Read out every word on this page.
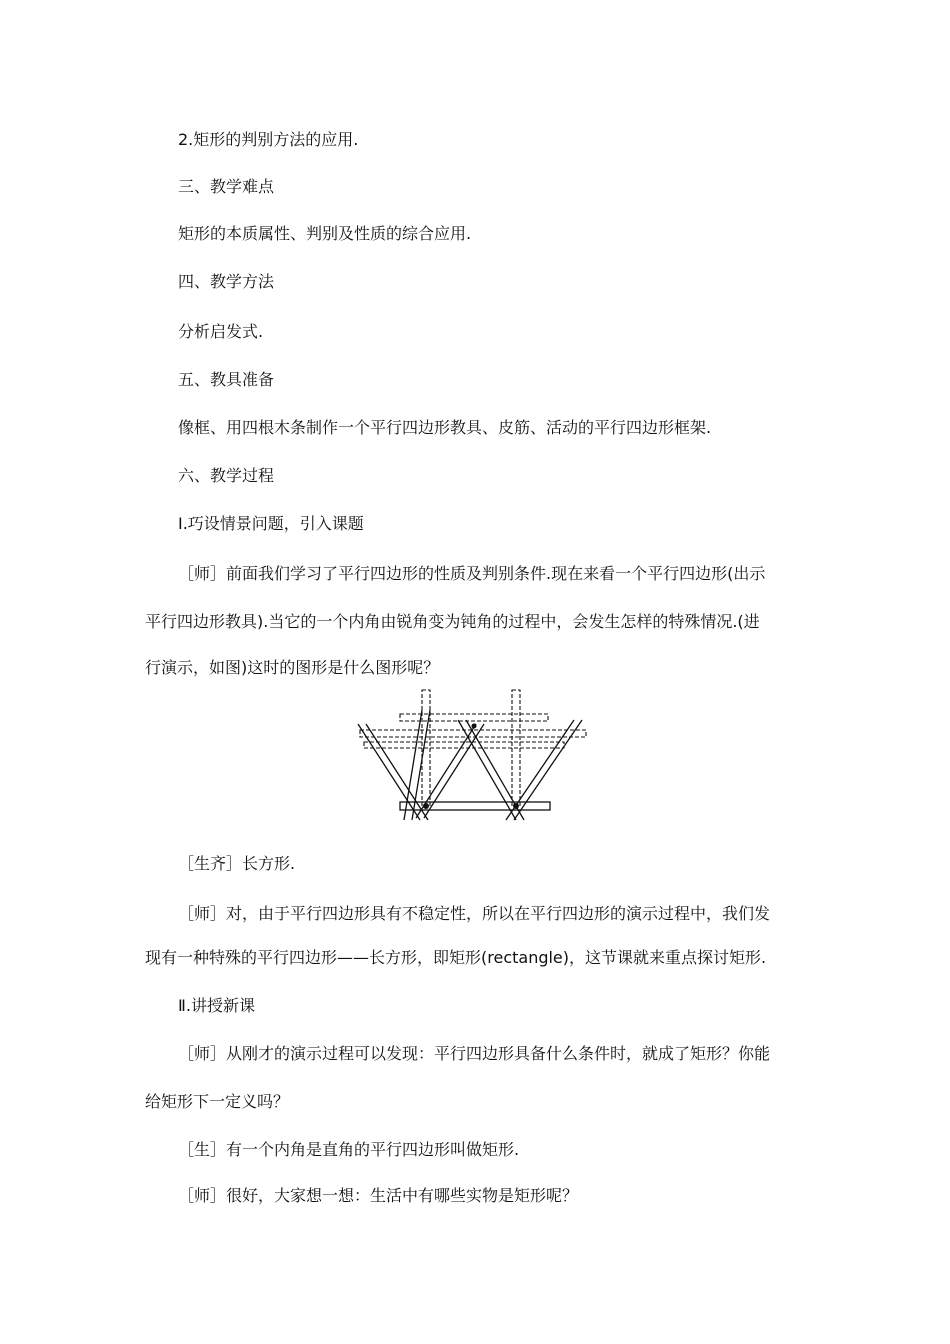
2.矩形的判别方法的应用.
三、教学难点
矩形的本质属性、判别及性质的综合应用.
四、教学方法
分析启发式.
五、教具准备
像框、用四根木条制作一个平行四边形教具、皮筋、活动的平行四边形框架.
六、教学过程
Ⅰ.巧设情景问题，引入课题
［师］前面我们学习了平行四边形的性质及判别条件.现在来看一个平行四边形(出示
平行四边形教具).当它的一个内角由锐角变为钝角的过程中，会发生怎样的特殊情况.(进
行演示，如图)这时的图形是什么图形呢？
［生齐］长方形.
［师］对，由于平行四边形具有不稳定性，所以在平行四边形的演示过程中，我们发
现有一种特殊的平行四边形——长方形，即矩形(rectangle)，这节课就来重点探讨矩形.
Ⅱ.讲授新课
［师］从刚才的演示过程可以发现：平行四边形具备什么条件时，就成了矩形？你能
给矩形下一定义吗？
［生］有一个内角是直角的平行四边形叫做矩形.
［师］很好，大家想一想：生活中有哪些实物是矩形呢？
